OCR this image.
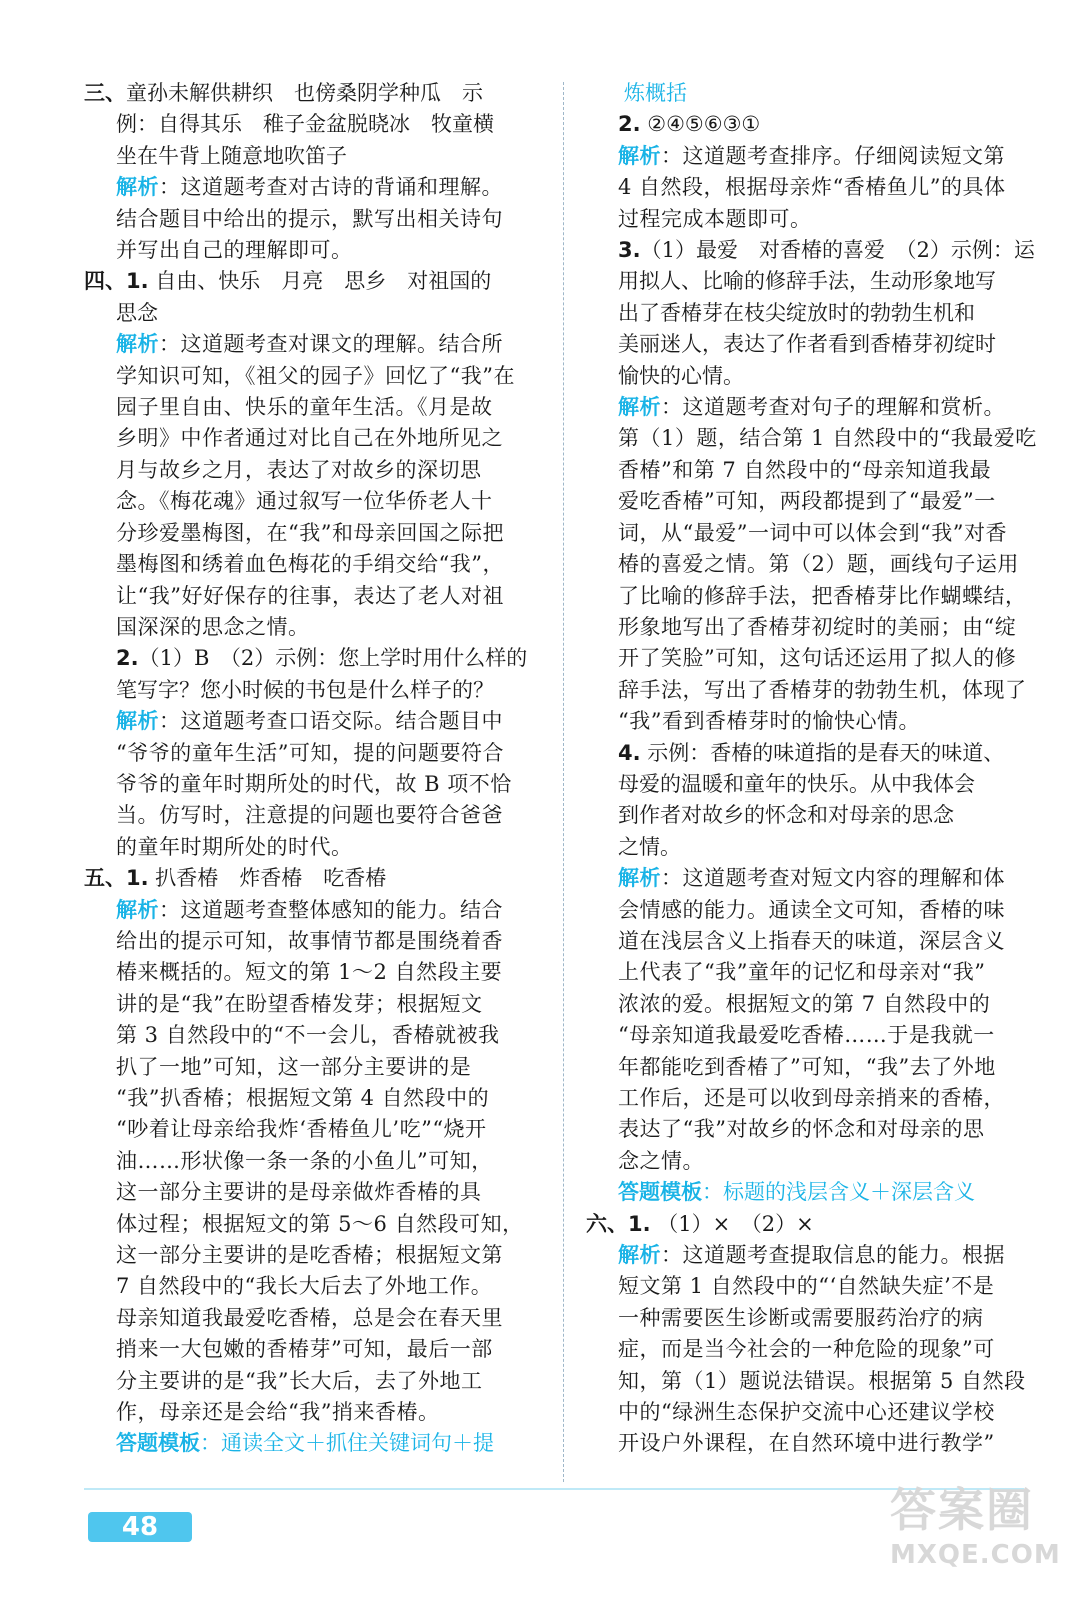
三、童孙未解供耕织　也傍桑阴学种瓜　示

例：自得其乐　稚子金盆脱晓冰　牧童横

坐在牛背上随意地吹笛子

解析：这道题考查对古诗的背诵和理解。

结合题目中给出的提示，默写出相关诗句

并写出自己的理解即可。

四、1. 自由、快乐　月亮　思乡　对祖国的

思念

解析：这道题考查对课文的理解。结合所

学知识可知，《祖父的园子》回忆了“我”在

园子里自由、快乐的童年生活。《月是故

乡明》中作者通过对比自己在外地所见之

月与故乡之月，表达了对故乡的深切思

念。《梅花魂》通过叙写一位华侨老人十

分珍爱墨梅图，在“我”和母亲回国之际把

墨梅图和绣着血色梅花的手绢交给“我”，

让“我”好好保存的往事，表达了老人对祖

国深深的思念之情。

2.（1）B　（2）示例：您上学时用什么样的

笔写字？您小时候的书包是什么样子的？

解析：这道题考查口语交际。结合题目中

“爷爷的童年生活”可知，提的问题要符合

爷爷的童年时期所处的时代，故 B 项不恰

当。仿写时，注意提的问题也要符合爸爸

的童年时期所处的时代。

五、1. 扒香椿　炸香椿　吃香椿

解析：这道题考查整体感知的能力。结合

给出的提示可知，故事情节都是围绕着香

椿来概括的。短文的第 1～2 自然段主要

讲的是“我”在盼望香椿发芽；根据短文

第 3 自然段中的“不一会儿，香椿就被我

扒了一地”可知，这一部分主要讲的是

“我”扒香椿；根据短文第 4 自然段中的

“吵着让母亲给我炸‘香椿鱼儿’吃”“烧开

油……形状像一条一条的小鱼儿”可知，

这一部分主要讲的是母亲做炸香椿的具

体过程；根据短文的第 5～6 自然段可知，

这一部分主要讲的是吃香椿；根据短文第

7 自然段中的“我长大后去了外地工作。

母亲知道我最爱吃香椿，总是会在春天里

捎来一大包嫩的香椿芽”可知，最后一部

分主要讲的是“我”长大后，去了外地工

作，母亲还是会给“我”捎来香椿。

答题模板：通读全文＋抓住关键词句＋提

炼概括

2. ②④⑤⑥③①

解析：这道题考查排序。仔细阅读短文第

4 自然段，根据母亲炸“香椿鱼儿”的具体

过程完成本题即可。

3.（1）最爱　对香椿的喜爱　（2）示例：运

用拟人、比喻的修辞手法，生动形象地写

出了香椿芽在枝尖绽放时的勃勃生机和

美丽迷人，表达了作者看到香椿芽初绽时

愉快的心情。

解析：这道题考查对句子的理解和赏析。

第（1）题，结合第 1 自然段中的“我最爱吃

香椿”和第 7 自然段中的“母亲知道我最

爱吃香椿”可知，两段都提到了“最爱”一

词，从“最爱”一词中可以体会到“我”对香

椿的喜爱之情。第（2）题，画线句子运用

了比喻的修辞手法，把香椿芽比作蝴蝶结，

形象地写出了香椿芽初绽时的美丽；由“绽

开了笑脸”可知，这句话还运用了拟人的修

辞手法，写出了香椿芽的勃勃生机，体现了

“我”看到香椿芽时的愉快心情。

4. 示例：香椿的味道指的是春天的味道、

母爱的温暖和童年的快乐。从中我体会

到作者对故乡的怀念和对母亲的思念

之情。

解析：这道题考查对短文内容的理解和体

会情感的能力。通读全文可知，香椿的味

道在浅层含义上指春天的味道，深层含义

上代表了“我”童年的记忆和母亲对“我”

浓浓的爱。根据短文的第 7 自然段中的

“母亲知道我最爱吃香椿……于是我就一

年都能吃到香椿了”可知，“我”去了外地

工作后，还是可以收到母亲捎来的香椿，

表达了“我”对故乡的怀念和对母亲的思

念之情。

答题模板：标题的浅层含义＋深层含义

六、1. （1）×　（2）×

解析：这道题考查提取信息的能力。根据

短文第 1 自然段中的“‘自然缺失症’不是

一种需要医生诊断或需要服药治疗的病

症，而是当今社会的一种危险的现象”可

知，第（1）题说法错误。根据第 5 自然段

中的“绿洲生态保护交流中心还建议学校

开设户外课程，在自然环境中进行教学”

48	答案圈
MXQE.COM
